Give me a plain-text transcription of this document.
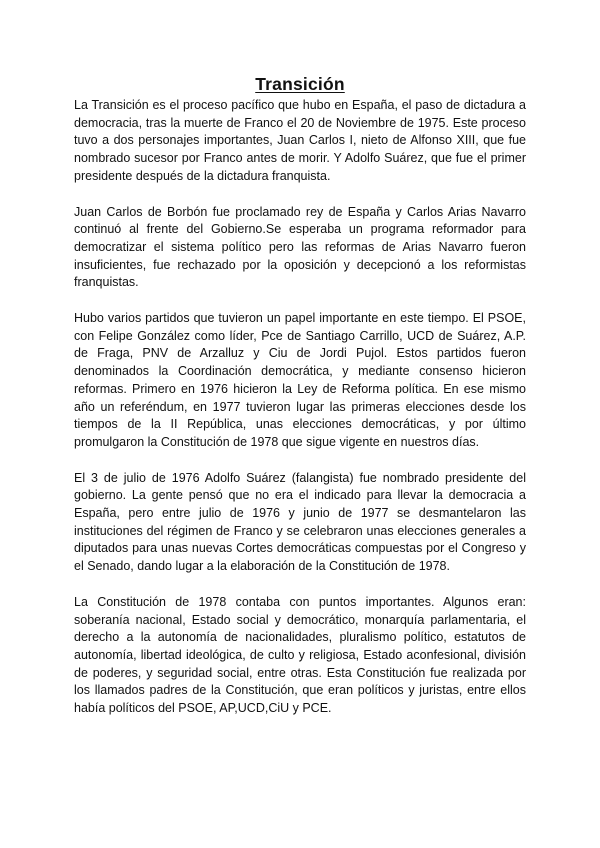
Transición

La Transición es el proceso pacífico que hubo en España, el paso de dictadura a democracia, tras la muerte de Franco el 20 de Noviembre de 1975. Este proceso tuvo a dos personajes importantes, Juan Carlos I, nieto de Alfonso XIII, que fue nombrado sucesor por Franco antes de morir. Y Adolfo Suárez, que fue el primer presidente después de la dictadura franquista.

Juan Carlos de Borbón fue proclamado rey de España y Carlos Arias Navarro continuó al frente del Gobierno.Se esperaba un programa reformador para democratizar el sistema político pero las reformas de Arias Navarro fueron insuficientes, fue rechazado por la oposición y decepcionó a los reformistas franquistas.

Hubo varios partidos que tuvieron un papel importante en este tiempo. El PSOE, con Felipe González como líder, Pce de Santiago Carrillo, UCD de Suárez, A.P. de Fraga, PNV de Arzalluz y Ciu de Jordi Pujol. Estos partidos fueron denominados la Coordinación democrática, y mediante consenso hicieron reformas. Primero en 1976 hicieron la Ley de Reforma política. En ese mismo año un referéndum, en 1977 tuvieron lugar las primeras elecciones desde los tiempos de la II República, unas elecciones democráticas, y por último promulgaron la Constitución de 1978 que sigue vigente en nuestros días.

El 3 de julio de 1976 Adolfo Suárez (falangista) fue nombrado presidente del gobierno. La gente pensó que no era el indicado para llevar la democracia a España, pero entre julio de 1976 y junio de 1977 se desmantelaron las instituciones del régimen de Franco y se celebraron unas elecciones generales a diputados para unas nuevas Cortes democráticas compuestas por el Congreso y el Senado, dando lugar a la elaboración de la Constitución de 1978.

La Constitución de 1978 contaba con puntos importantes. Algunos eran: soberanía nacional, Estado social y democrático, monarquía parlamentaria, el derecho a la autonomía de nacionalidades, pluralismo político, estatutos de autonomía, libertad ideológica, de culto y religiosa, Estado aconfesional, división de poderes, y seguridad social, entre otras. Esta Constitución fue realizada por los llamados padres de la Constitución, que eran políticos y juristas, entre ellos había políticos del PSOE, AP,UCD,CiU y PCE.
